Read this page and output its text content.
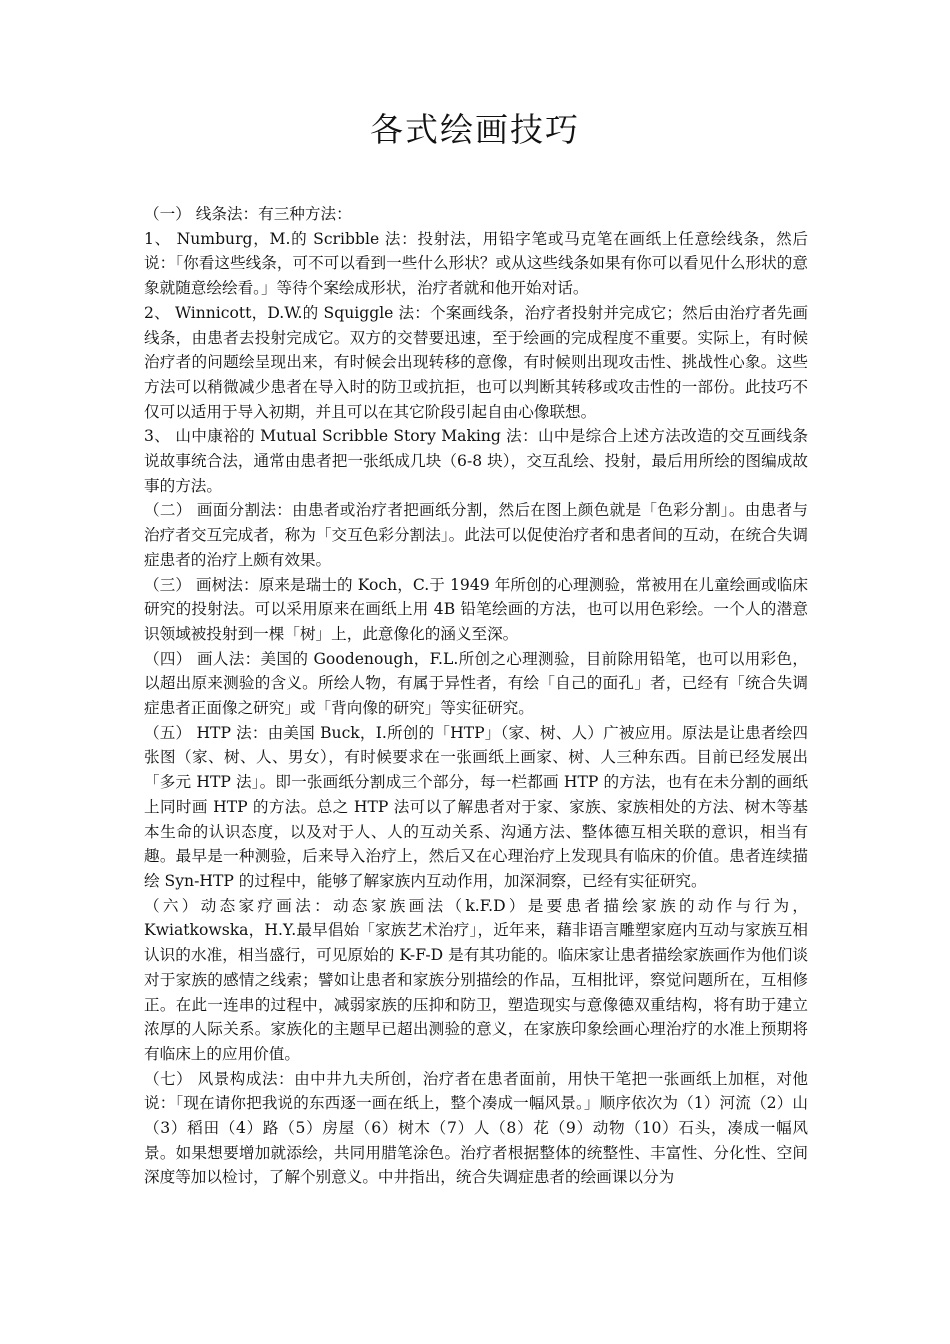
各式绘画技巧

（一） 线条法：有三种方法：

1、 Numburg，M.的 Scribble 法：投射法，用铅字笔或马克笔在画纸上任意绘线条，然后说：「你看这些线条，可不可以看到一些什么形状？或从这些线条如果有你可以看见什么形状的意象就随意绘绘看。」等待个案绘成形状，治疗者就和他开始对话。

2、 Winnicott，D.W.的 Squiggle 法：个案画线条，治疗者投射并完成它；然后由治疗者先画线条，由患者去投射完成它。双方的交替要迅速，至于绘画的完成程度不重要。实际上，有时候治疗者的问题绘呈现出来，有时候会出现转移的意像，有时候则出现攻击性、挑战性心象。这些方法可以稍微减少患者在导入时的防卫或抗拒，也可以判断其转移或攻击性的一部份。此技巧不仅可以适用于导入初期，并且可以在其它阶段引起自由心像联想。

3、 山中康裕的 Mutual Scribble Story Making 法：山中是综合上述方法改造的交互画线条说故事统合法，通常由患者把一张纸成几块（6-8 块），交互乱绘、投射，最后用所绘的图编成故事的方法。

（二） 画面分割法：由患者或治疗者把画纸分割，然后在图上颜色就是「色彩分割」。由患者与治疗者交互完成者，称为「交互色彩分割法」。此法可以促使治疗者和患者间的互动，在统合失调症患者的治疗上颇有效果。

（三） 画树法：原来是瑞士的 Koch，C.于 1949 年所创的心理测验，常被用在儿童绘画或临床研究的投射法。可以采用原来在画纸上用 4B 铅笔绘画的方法，也可以用色彩绘。一个人的潜意识领域被投射到一棵「树」上，此意像化的涵义至深。

（四） 画人法：美国的 Goodenough，F.L.所创之心理测验，目前除用铅笔，也可以用彩色，以超出原来测验的含义。所绘人物，有属于异性者，有绘「自己的面孔」者，已经有「统合失调症患者正面像之研究」或「背向像的研究」等实征研究。

（五） HTP 法：由美国 Buck，I.所创的「HTP」（家、树、人）广被应用。原法是让患者绘四张图（家、树、人、男女），有时候要求在一张画纸上画家、树、人三种东西。目前已经发展出「多元 HTP 法」。即一张画纸分割成三个部分，每一栏都画 HTP 的方法，也有在未分割的画纸上同时画 HTP 的方法。总之 HTP 法可以了解患者对于家、家族、家族相处的方法、树木等基本生命的认识态度，以及对于人、人的互动关系、沟通方法、整体德互相关联的意识，相当有趣。最早是一种测验，后来导入治疗上，然后又在心理治疗上发现具有临床的价值。患者连续描绘 Syn-HTP 的过程中，能够了解家族内互动作用，加深洞察，已经有实征研究。

（六）动态家疗画法：动态家族画法（k.F.D）是要患者描绘家族的动作与行为，Kwiatkowska，H.Y.最早倡始「家族艺术治疗」，近年来，藉非语言雕塑家庭内互动与家族互相认识的水准，相当盛行，可见原始的 K-F-D 是有其功能的。临床家让患者描绘家族画作为他们谈对于家族的感情之线索；譬如让患者和家族分别描绘的作品，互相批评，察觉问题所在，互相修正。在此一连串的过程中，减弱家族的压抑和防卫，塑造现实与意像德双重结构，将有助于建立浓厚的人际关系。家族化的主题早已超出测验的意义，在家族印象绘画心理治疗的水准上预期将有临床上的应用价值。

（七） 风景构成法：由中井九夫所创，治疗者在患者面前，用快干笔把一张画纸上加框，对他说：「现在请你把我说的东西逐一画在纸上，整个凑成一幅风景。」顺序依次为（1）河流（2）山（3）稻田（4）路（5）房屋（6）树木（7）人（8）花（9）动物（10）石头，凑成一幅风景。如果想要增加就添绘，共同用腊笔涂色。治疗者根据整体的统整性、丰富性、分化性、空间深度等加以检讨，了解个别意义。中井指出，统合失调症患者的绘画课以分为
